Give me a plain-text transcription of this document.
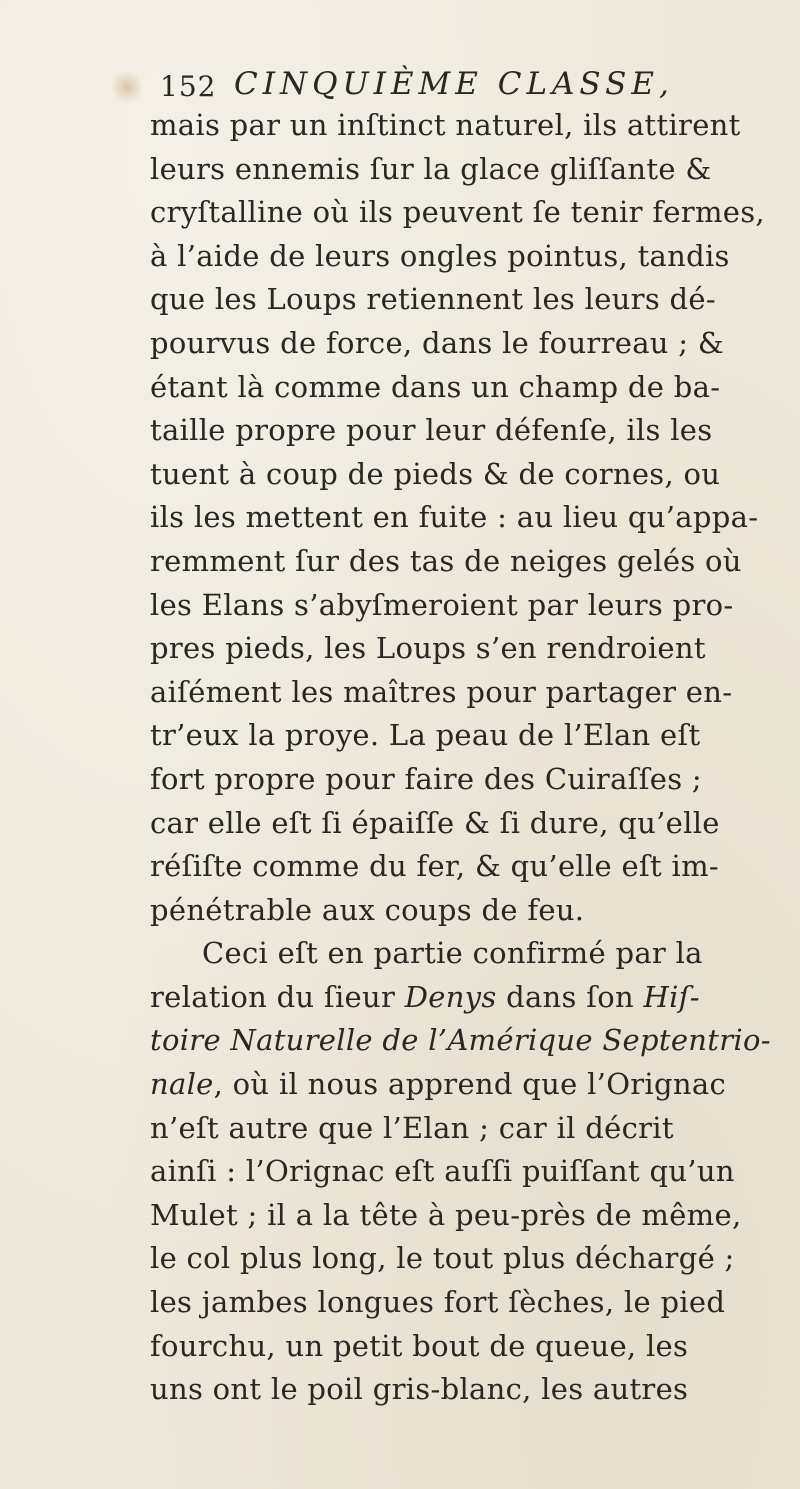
152 CINQUIÈME CLASSE,
mais par un inſtinct naturel, ils attirent
leurs ennemis ſur la glace gliſſante &
cryſtalline où ils peuvent ſe tenir fermes,
à l’aide de leurs ongles pointus, tandis
que les Loups retiennent les leurs dé-
pourvus de force, dans le fourreau ; &
étant là comme dans un champ de ba-
taille propre pour leur défenſe, ils les
tuent à coup de pieds & de cornes, ou
ils les mettent en fuite : au lieu qu’appa-
remment ſur des tas de neiges gelés où
les Elans s’abyſmeroient par leurs pro-
pres pieds, les Loups s’en rendroient
aiſément les maîtres pour partager en-
tr’eux la proye. La peau de l’Elan eſt
fort propre pour faire des Cuiraſſes ;
car elle eſt ſi épaiſſe & ſi dure, qu’elle
réſiſte comme du fer, & qu’elle eſt im-
pénétrable aux coups de feu.
Ceci eſt en partie confirmé par la
relation du ſieur Denys dans ſon Hiſ-
toire Naturelle de l’Amérique Septentrio-
nale, où il nous apprend que l’Orignac
n’eſt autre que l’Elan ; car il décrit
ainſi : l’Orignac eſt auſſi puiſſant qu’un
Mulet ; il a la tête à peu-près de même,
le col plus long, le tout plus déchargé ;
les jambes longues fort ſèches, le pied
fourchu, un petit bout de queue, les
uns ont le poil gris-blanc, les autres
